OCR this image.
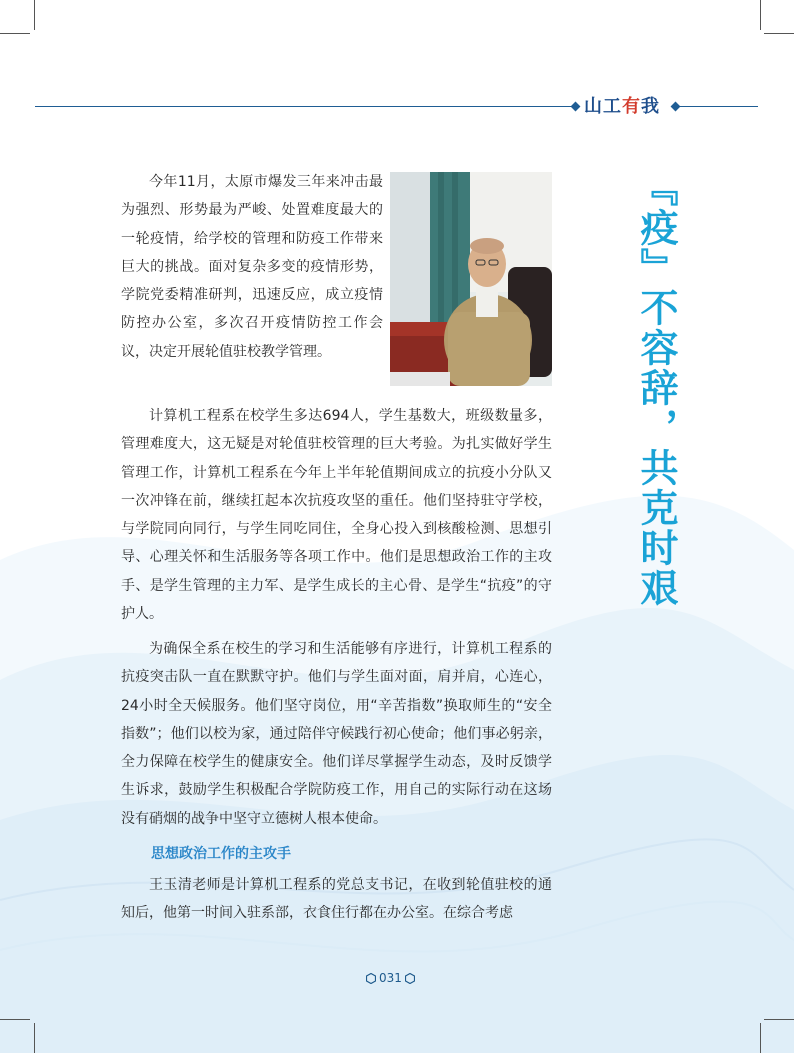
山工有我
『疫』不容辞，共克时艰

今年11月，太原市爆发三年来冲击最为强烈、形势最为严峻、处置难度最大的一轮疫情，给学校的管理和防疫工作带来巨大的挑战。面对复杂多变的疫情形势，学院党委精准研判，迅速反应，成立疫情防控办公室，多次召开疫情防控工作会议，决定开展轮值驻校教学管理。

计算机工程系在校学生多达694人，学生基数大，班级数量多，管理难度大，这无疑是对轮值驻校管理的巨大考验。为扎实做好学生管理工作，计算机工程系在今年上半年轮值期间成立的抗疫小分队又一次冲锋在前，继续扛起本次抗疫攻坚的重任。他们坚持驻守学校，与学院同向同行，与学生同吃同住，全身心投入到核酸检测、思想引导、心理关怀和生活服务等各项工作中。他们是思想政治工作的主攻手、是学生管理的主力军、是学生成长的主心骨、是学生“抗疫”的守护人。

为确保全系在校生的学习和生活能够有序进行，计算机工程系的抗疫突击队一直在默默守护。他们与学生面对面，肩并肩，心连心，24小时全天候服务。他们坚守岗位，用“辛苦指数”换取师生的“安全指数”；他们以校为家，通过陪伴守候践行初心使命；他们事必躬亲，全力保障在校学生的健康安全。他们详尽掌握学生动态，及时反馈学生诉求，鼓励学生积极配合学院防疫工作，用自己的实际行动在这场没有硝烟的战争中坚守立德树人根本使命。

思想政治工作的主攻手

王玉清老师是计算机工程系的党总支书记，在收到轮值驻校的通知后，他第一时间入驻系部，衣食住行都在办公室。在综合考虑

031
